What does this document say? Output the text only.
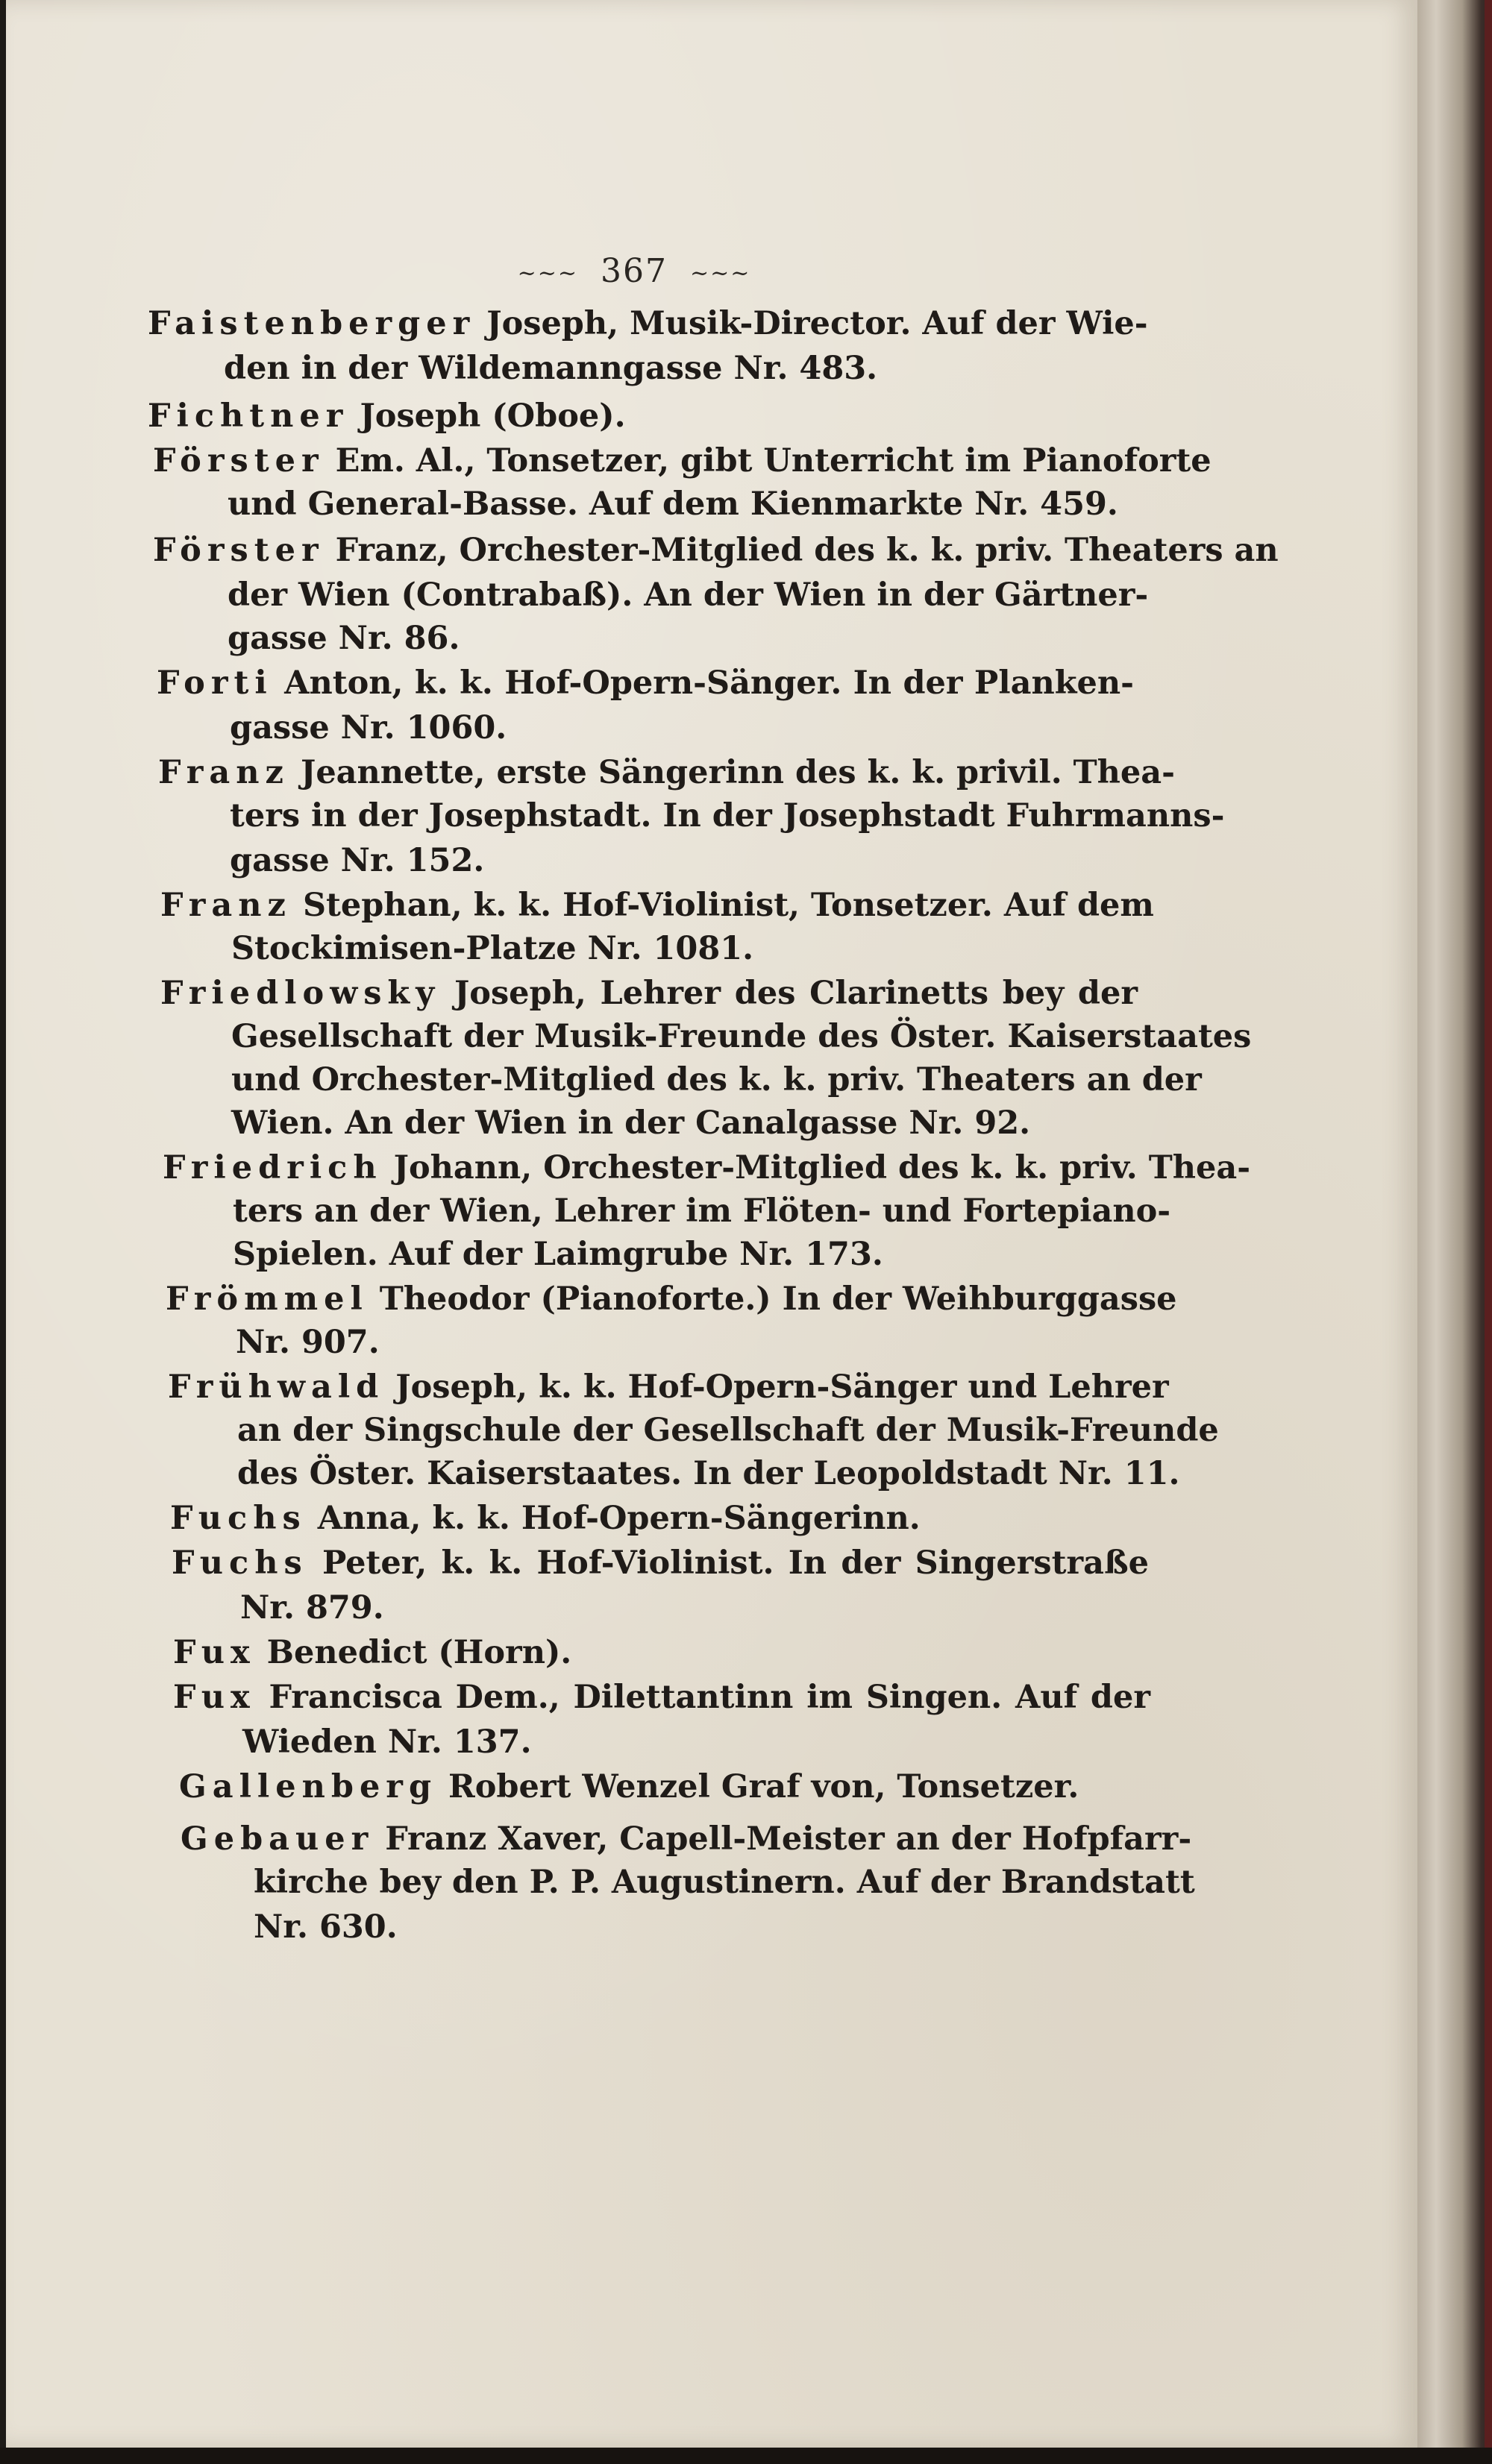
~~~ 367 ~~~
Faistenberger Joseph, Musik-Director. Auf der Wie-
den in der Wildemanngasse Nr. 483.
Fichtner Joseph (Oboe).
Förster Em. Al., Tonsetzer, gibt Unterricht im Pianoforte
und General-Basse. Auf dem Kienmarkte Nr. 459.
Förster Franz, Orchester-Mitglied des k. k. priv. Theaters an
der Wien (Contrabaß). An der Wien in der Gärtner-
gasse Nr. 86.
Forti Anton, k. k. Hof-Opern-Sänger. In der Planken-
gasse Nr. 1060.
Franz Jeannette, erste Sängerinn des k. k. privil. Thea-
ters in der Josephstadt. In der Josephstadt Fuhrmanns-
gasse Nr. 152.
Franz Stephan, k. k. Hof-Violinist, Tonsetzer. Auf dem
Stockimisen-Platze Nr. 1081.
Friedlowsky Joseph, Lehrer des Clarinetts bey der
Gesellschaft der Musik-Freunde des Öster. Kaiserstaates
und Orchester-Mitglied des k. k. priv. Theaters an der
Wien. An der Wien in der Canalgasse Nr. 92.
Friedrich Johann, Orchester-Mitglied des k. k. priv. Thea-
ters an der Wien, Lehrer im Flöten- und Fortepiano-
Spielen. Auf der Laimgrube Nr. 173.
Frömmel Theodor (Pianoforte.) In der Weihburggasse
Nr. 907.
Frühwald Joseph, k. k. Hof-Opern-Sänger und Lehrer
an der Singschule der Gesellschaft der Musik-Freunde
des Öster. Kaiserstaates. In der Leopoldstadt Nr. 11.
Fuchs Anna, k. k. Hof-Opern-Sängerinn.
Fuchs Peter, k. k. Hof-Violinist. In der Singerstraße
Nr. 879.
Fux Benedict (Horn).
Fux Francisca Dem., Dilettantinn im Singen. Auf der
Wieden Nr. 137.
Gallenberg Robert Wenzel Graf von, Tonsetzer.
Gebauer Franz Xaver, Capell-Meister an der Hofpfarr-
kirche bey den P. P. Augustinern. Auf der Brandstatt
Nr. 630.
